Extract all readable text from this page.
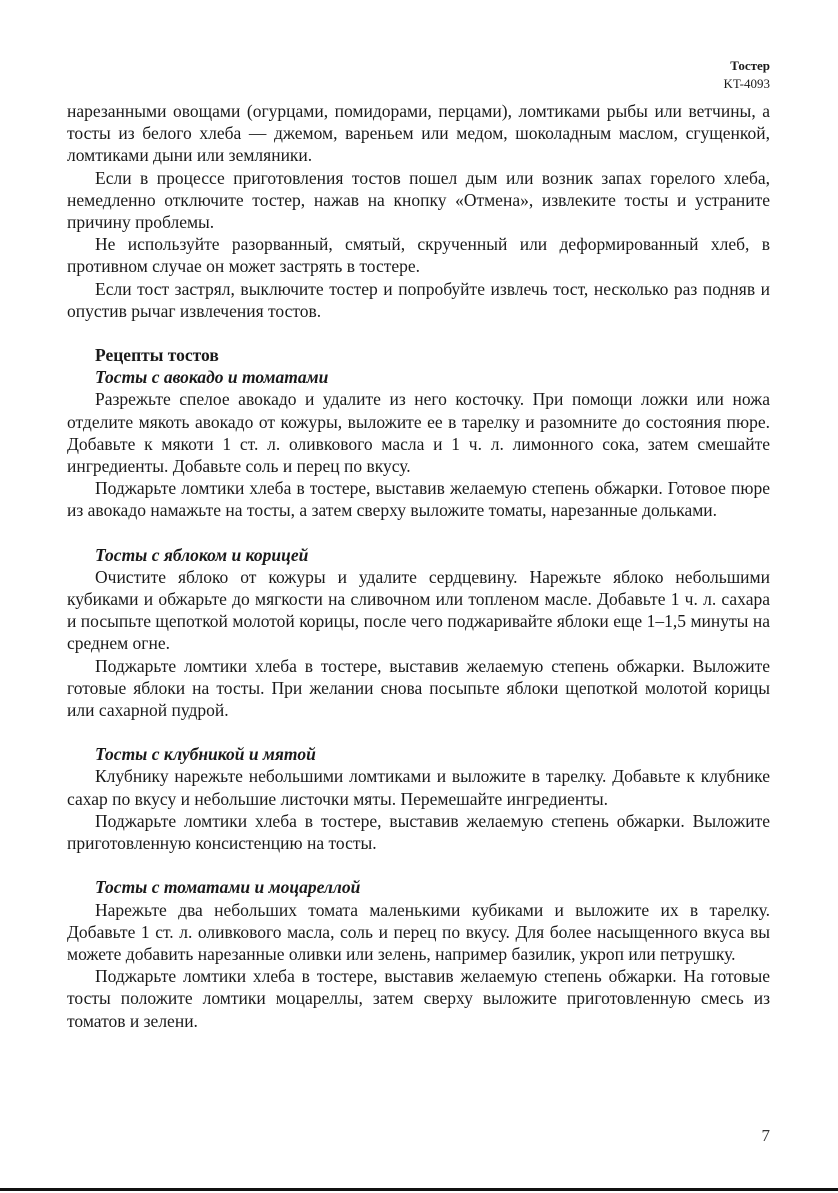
Тостер
KT-4093

нарезанными овощами (огурцами, помидорами, перцами), ломтиками рыбы или ветчины, а тосты из белого хлеба — джемом, вареньем или медом, шоколадным маслом, сгущенкой, ломтиками дыни или земляники.

Если в процессе приготовления тостов пошел дым или возник запах горелого хлеба, немедленно отключите тостер, нажав на кнопку «Отмена», извлеките тосты и устраните причину проблемы.

Не используйте разорванный, смятый, скрученный или деформированный хлеб, в противном случае он может застрять в тостере.

Если тост застрял, выключите тостер и попробуйте извлечь тост, несколько раз подняв и опустив рычаг извлечения тостов.

Рецепты тостов
Тосты с авокадо и томатами

Разрежьте спелое авокадо и удалите из него косточку. При помощи ложки или ножа отделите мякоть авокадо от кожуры, выложите ее в тарелку и разомните до состояния пюре. Добавьте к мякоти 1 ст. л. оливкового масла и 1 ч. л. лимонного сока, затем смешайте ингредиенты. Добавьте соль и перец по вкусу.

Поджарьте ломтики хлеба в тостере, выставив желаемую степень обжарки. Готовое пюре из авокадо намажьте на тосты, а затем сверху выложите томаты, нарезанные дольками.

Тосты с яблоком и корицей

Очистите яблоко от кожуры и удалите сердцевину. Нарежьте яблоко небольшими кубиками и обжарьте до мягкости на сливочном или топленом масле. Добавьте 1 ч. л. сахара и посыпьте щепоткой молотой корицы, после чего поджаривайте яблоки еще 1–1,5 минуты на среднем огне.

Поджарьте ломтики хлеба в тостере, выставив желаемую степень обжарки. Выложите готовые яблоки на тосты. При желании снова посыпьте яблоки щепоткой молотой корицы или сахарной пудрой.

Тосты с клубникой и мятой

Клубнику нарежьте небольшими ломтиками и выложите в тарелку. Добавьте к клубнике сахар по вкусу и небольшие листочки мяты. Перемешайте ингредиенты.

Поджарьте ломтики хлеба в тостере, выставив желаемую степень обжарки. Выложите приготовленную консистенцию на тосты.

Тосты с томатами и моцареллой

Нарежьте два небольших томата маленькими кубиками и выложите их в тарелку. Добавьте 1 ст. л. оливкового масла, соль и перец по вкусу. Для более насыщенного вкуса вы можете добавить нарезанные оливки или зелень, например базилик, укроп или петрушку.

Поджарьте ломтики хлеба в тостере, выставив желаемую степень обжарки. На готовые тосты положите ломтики моцареллы, затем сверху выложите приготовленную смесь из томатов и зелени.

7
